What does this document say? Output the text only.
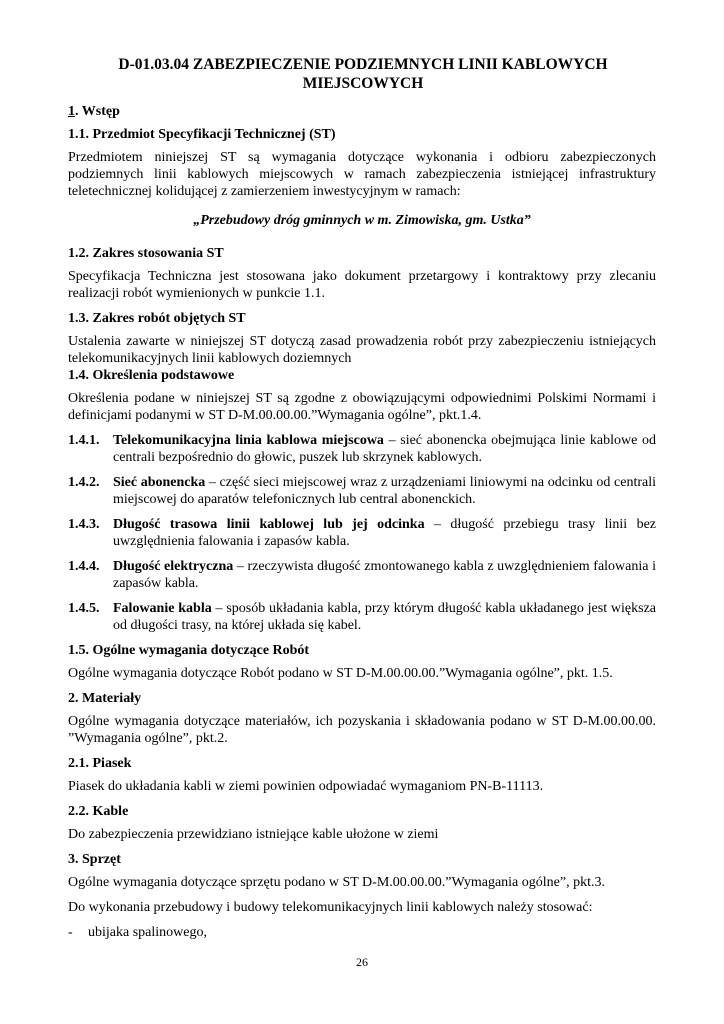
D-01.03.04 ZABEZPIECZENIE PODZIEMNYCH LINII KABLOWYCH MIEJSCOWYCH
1. Wstęp
1.1. Przedmiot Specyfikacji Technicznej (ST)

Przedmiotem niniejszej ST są wymagania dotyczące wykonania i odbioru zabezpieczonych podziemnych linii kablowych miejscowych w ramach zabezpieczenia istniejącej infrastruktury teletechnicznej kolidującej z zamierzeniem inwestycyjnym w ramach:

„Przebudowy dróg gminnych w m. Zimowiska, gm. Ustka”

1.2. Zakres stosowania ST

Specyfikacja Techniczna jest stosowana jako dokument przetargowy i kontraktowy przy zlecaniu realizacji robót wymienionych w punkcie 1.1.

1.3. Zakres robót objętych ST

Ustalenia zawarte w niniejszej ST dotyczą zasad prowadzenia robót przy zabezpieczeniu istniejących telekomunikacyjnych linii kablowych doziemnych

1.4. Określenia podstawowe

Określenia podane w niniejszej ST są zgodne z obowiązującymi odpowiednimi Polskimi Normami i definicjami podanymi w ST D-M.00.00.00.”Wymagania ogólne”, pkt.1.4.

1.4.1. Telekomunikacyjna linia kablowa miejscowa – sieć abonencka obejmująca linie kablowe od centrali bezpośrednio do głowic, puszek lub skrzynek kablowych.
1.4.2. Sieć abonencka – część sieci miejscowej wraz z urządzeniami liniowymi na odcinku od centrali miejscowej do aparatów telefonicznych lub central abonenckich.
1.4.3. Długość trasowa linii kablowej lub jej odcinka – długość przebiegu trasy linii bez uwzględnienia falowania i zapasów kabla.
1.4.4. Długość elektryczna – rzeczywista długość zmontowanego kabla z uwzględnieniem falowania i zapasów kabla.
1.4.5. Falowanie kabla – sposób układania kabla, przy którym długość kabla układanego jest większa od długości trasy, na której układa się kabel.
1.5. Ogólne wymagania dotyczące Robót

Ogólne wymagania dotyczące Robót podano w ST D-M.00.00.00.”Wymagania ogólne”, pkt. 1.5.

2. Materiały

Ogólne wymagania dotyczące materiałów, ich pozyskania i składowania podano w ST D-M.00.00.00. ”Wymagania ogólne”, pkt.2.

2.1. Piasek

Piasek do układania kabli w ziemi powinien odpowiadać wymaganiom PN-B-11113.

2.2. Kable

Do zabezpieczenia przewidziano istniejące kable ułożone w ziemi

3. Sprzęt

Ogólne wymagania dotyczące sprzętu podano w ST D-M.00.00.00.”Wymagania ogólne”, pkt.3.

Do wykonania przebudowy i budowy telekomunikacyjnych linii kablowych należy stosować:

-	ubijaka spalinowego,
26
